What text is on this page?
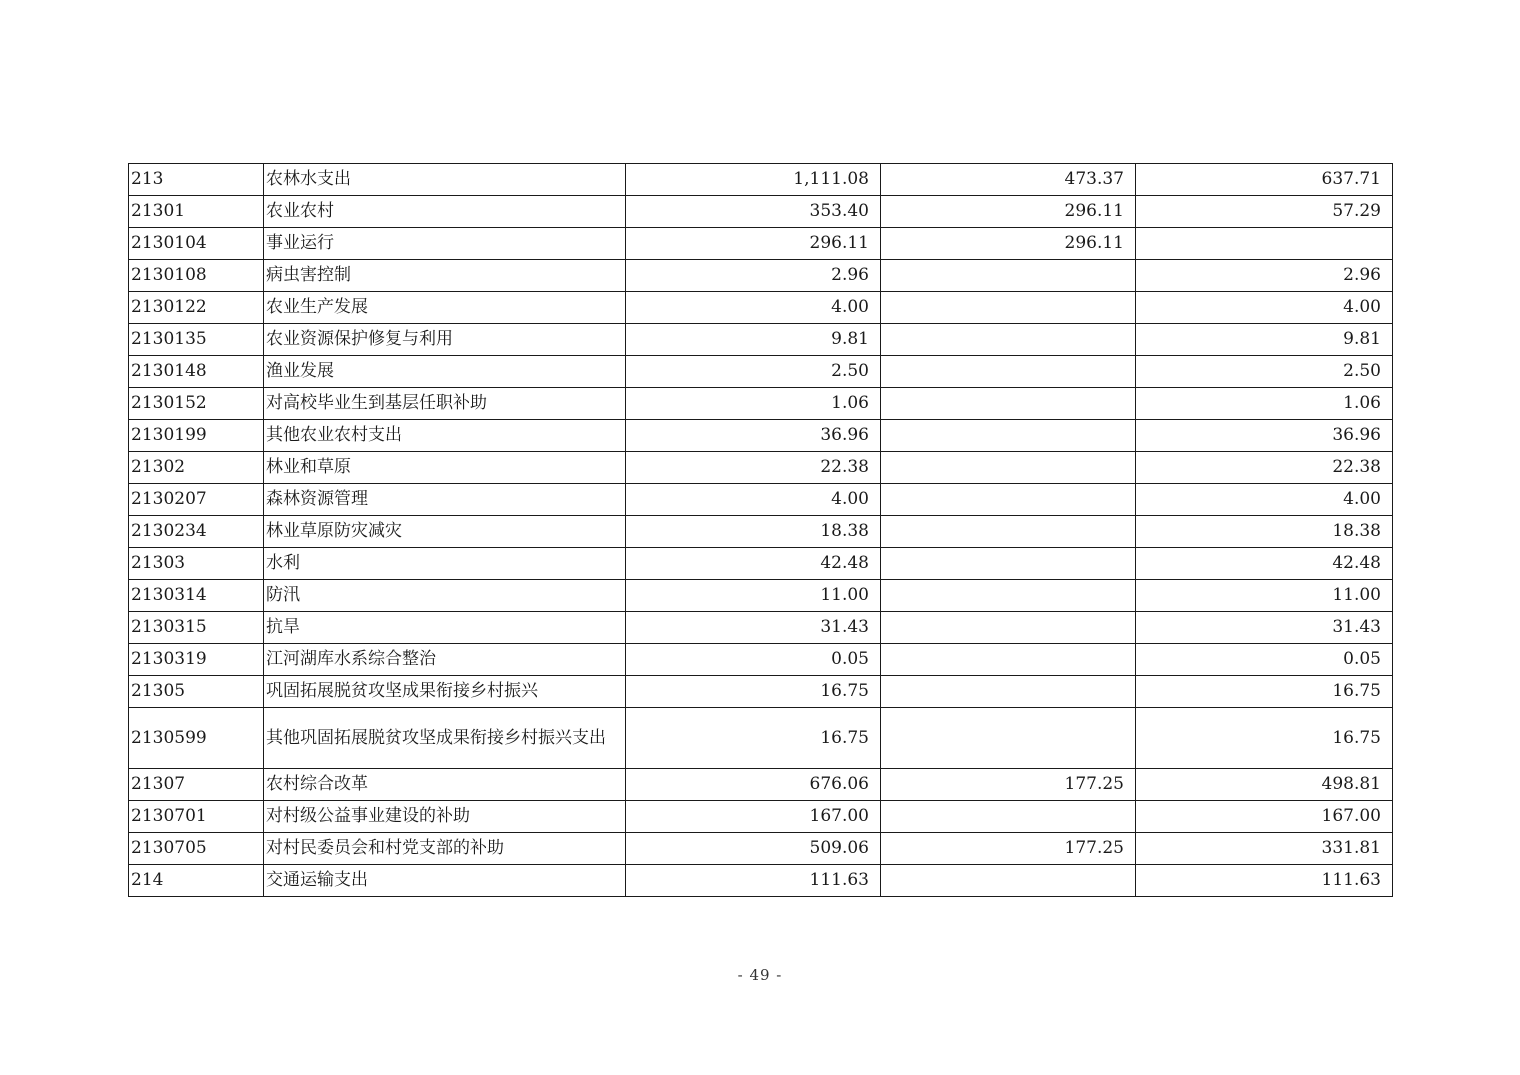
213	农林水支出	1,111.08	473.37	637.71
21301	农业农村	353.40	296.11	57.29
2130104	事业运行	296.11	296.11	
2130108	病虫害控制	2.96		2.96
2130122	农业生产发展	4.00		4.00
2130135	农业资源保护修复与利用	9.81		9.81
2130148	渔业发展	2.50		2.50
2130152	对高校毕业生到基层任职补助	1.06		1.06
2130199	其他农业农村支出	36.96		36.96
21302	林业和草原	22.38		22.38
2130207	森林资源管理	4.00		4.00
2130234	林业草原防灾减灾	18.38		18.38
21303	水利	42.48		42.48
2130314	防汛	11.00		11.00
2130315	抗旱	31.43		31.43
2130319	江河湖库水系综合整治	0.05		0.05
21305	巩固拓展脱贫攻坚成果衔接乡村振兴	16.75		16.75
2130599	其他巩固拓展脱贫攻坚成果衔接乡村振兴支出	16.75		16.75
21307	农村综合改革	676.06	177.25	498.81
2130701	对村级公益事业建设的补助	167.00		167.00
2130705	对村民委员会和村党支部的补助	509.06	177.25	331.81
214	交通运输支出	111.63		111.63
- 49 -
